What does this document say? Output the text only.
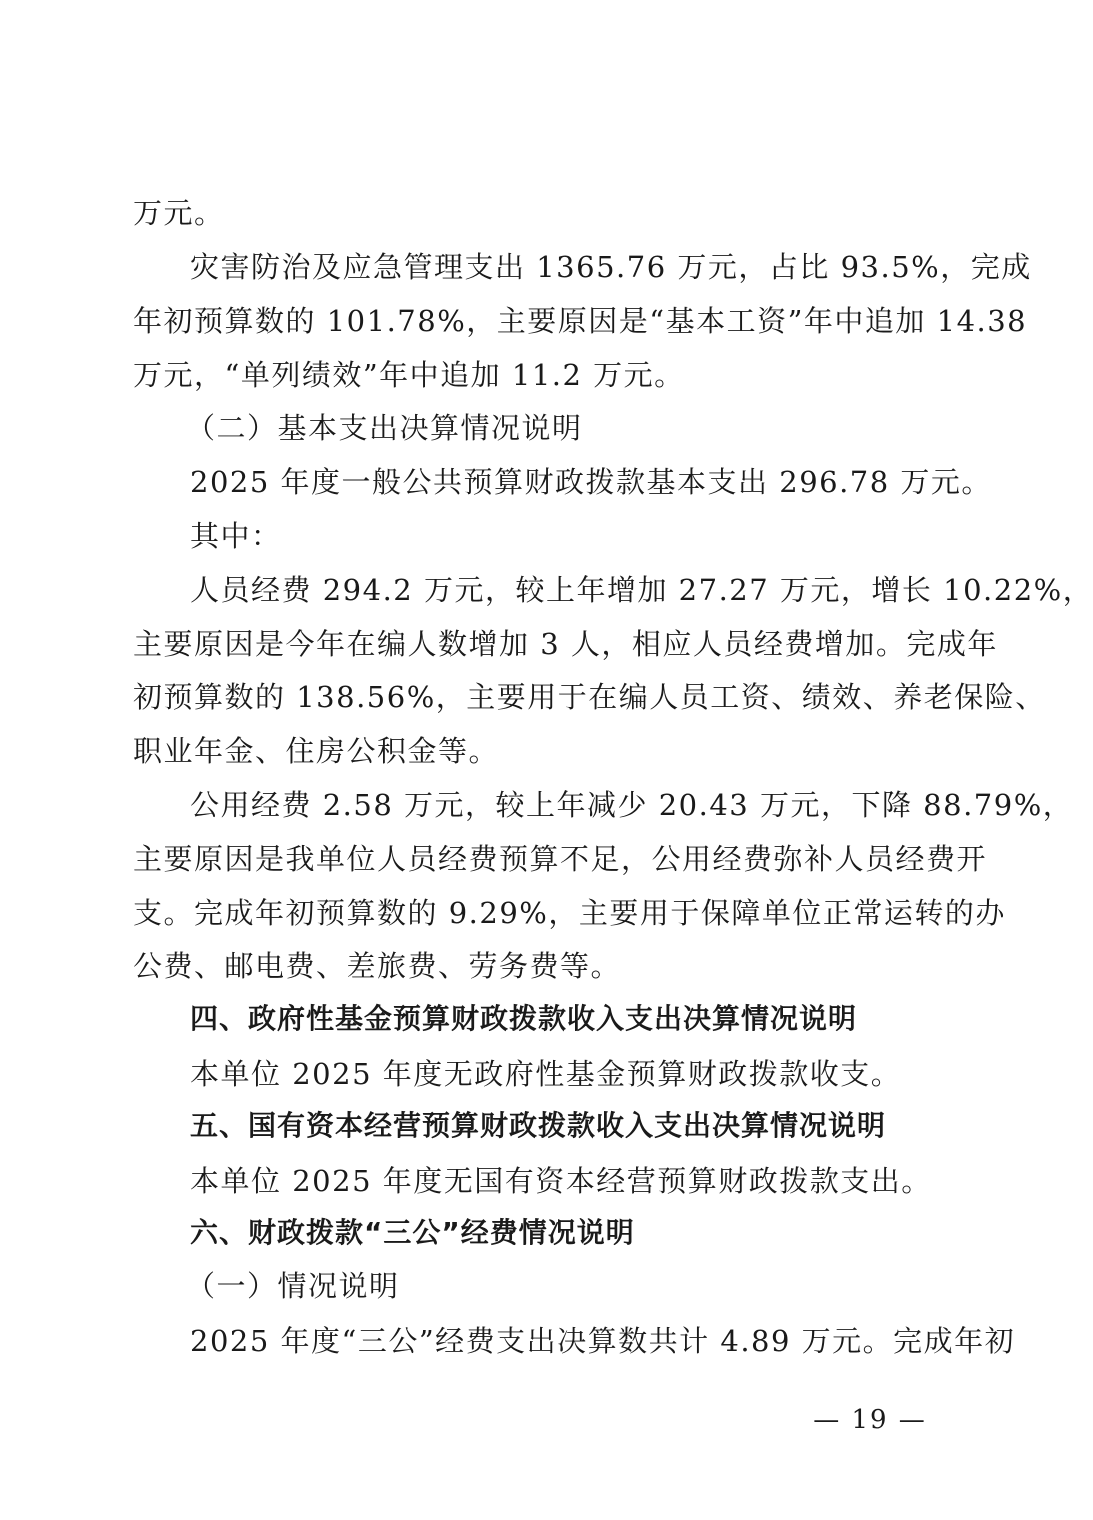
万元。
灾害防治及应急管理支出 1365.76 万元，占比 93.5%，完成
年初预算数的 101.78%，主要原因是“基本工资”年中追加 14.38
万元，“单列绩效”年中追加 11.2 万元。
（二）基本支出决算情况说明
2025 年度一般公共预算财政拨款基本支出 296.78 万元。
其中：
人员经费 294.2 万元，较上年增加 27.27 万元，增长 10.22%，
主要原因是今年在编人数增加 3 人，相应人员经费增加。完成年
初预算数的 138.56%，主要用于在编人员工资、绩效、养老保险、
职业年金、住房公积金等。
公用经费 2.58 万元，较上年减少 20.43 万元，下降 88.79%，
主要原因是我单位人员经费预算不足，公用经费弥补人员经费开
支。完成年初预算数的 9.29%，主要用于保障单位正常运转的办
公费、邮电费、差旅费、劳务费等。
四、政府性基金预算财政拨款收入支出决算情况说明
本单位 2025 年度无政府性基金预算财政拨款收支。
五、国有资本经营预算财政拨款收入支出决算情况说明
本单位 2025 年度无国有资本经营预算财政拨款支出。
六、财政拨款“三公”经费情况说明
（一）情况说明
2025 年度“三公”经费支出决算数共计 4.89 万元。完成年初
— 19 —
